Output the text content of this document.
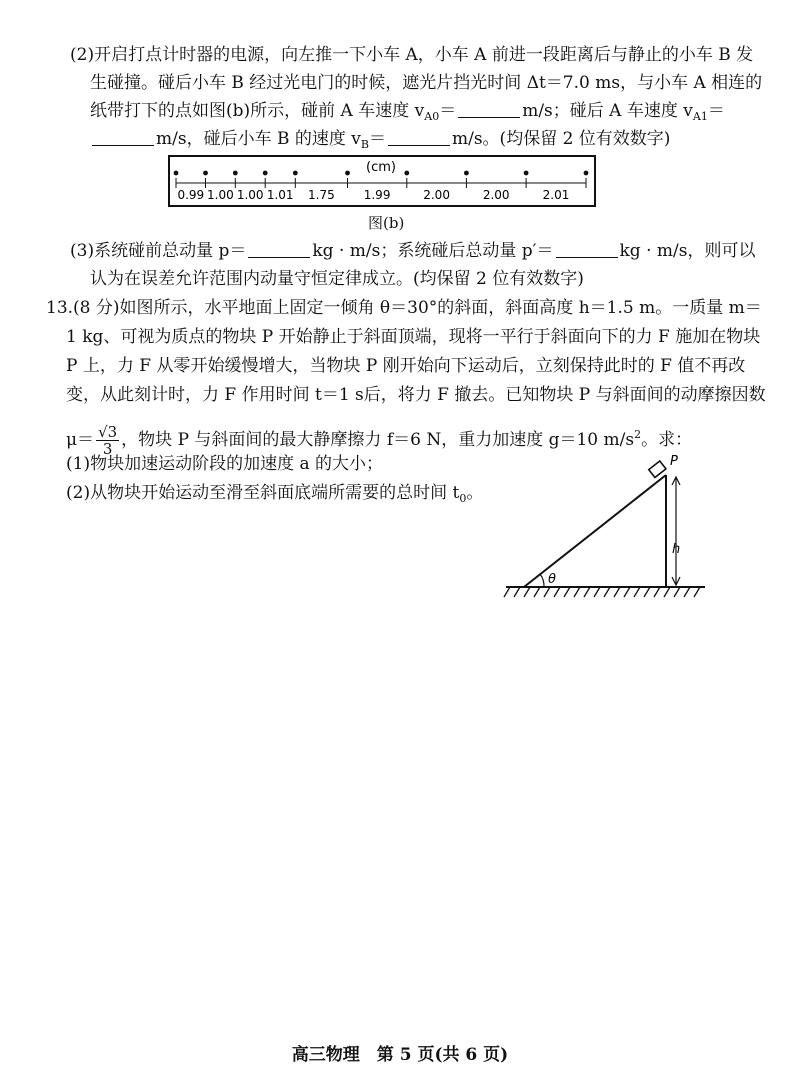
(2)开启打点计时器的电源，向左推一下小车 A，小车 A 前进一段距离后与静止的小车 B 发
生碰撞。碰后小车 B 经过光电门的时候，遮光片挡光时间 Δt＝7.0 ms，与小车 A 相连的
纸带打下的点如图(b)所示，碰前 A 车速度 $v_{A0}=$	m/s；碰后 A 车速度 $v_{A1}=$
m/s，碰后小车 B 的速度 $v_B=$	m/s。(均保留 2 位有效数字)
(cm)
0.99 1.00 1.00 1.01 1.75 1.99	2.00	2.00	2.01
图(b)
(3)系统碰前总动量 p＝	kg · m/s；系统碰后总动量 p′＝	kg · m/s，则可以
认为在误差允许范围内动量守恒定律成立。(均保留 2 位有效数字)
13.(8 分)如图所示，水平地面上固定一倾角 θ＝30°的斜面，斜面高度 h＝1.5 m。一质量 m＝
1 kg、可视为质点的物块 P 开始静止于斜面顶端，现将一平行于斜面向下的力 F 施加在物块
P 上，力 F 从零开始缓慢增大，当物块 P 刚开始向下运动后，立刻保持此时的 F 值不再改
变，从此刻计时，力 F 作用时间 t＝1 s后，将力 F 撤去。已知物块 P 与斜面间的动摩擦因数
$\mu= \frac{√3}{3}$ ，物块 P 与斜面间的最大静摩擦力 f＝6 N，重力加速度 g＝10 $m/s^2$。求：
(1)物块加速运动阶段的加速度 a 的大小；
(2)从物块开始运动至滑至斜面底端所需要的总时间 $t_0$。
P
h
θ
高三物理　第 5 页(共 6 页)
